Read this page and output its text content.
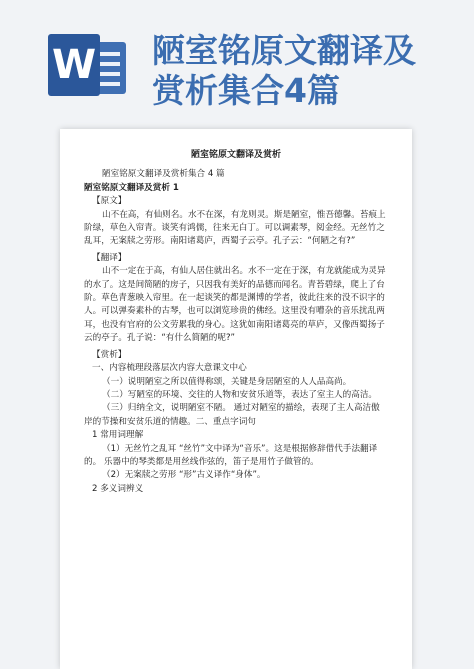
W 陋室铭原文翻译及
赏析集合4篇
陋室铭原文翻译及赏析

陋室铭原文翻译及赏析集合 4 篇

陋室铭原文翻译及赏析 1

【原文】

山不在高，有仙则名。水不在深，有龙则灵。斯是陋室，惟吾德馨。苔痕上阶绿，草色入帘青。谈笑有鸿儒，往来无白丁。可以调素琴，阅金经。无丝竹之乱耳，无案牍之劳形。南阳诸葛庐，西蜀子云亭。孔子云：“何陋之有?”

【翻译】

山不一定在于高，有仙人居住就出名。水不一定在于深，有龙就能成为灵异的水了。这是间简陋的房子，只因我有美好的品德而闻名。青苔碧绿，爬上了台阶。草色青葱映入帘里。在一起谈笑的都是渊博的学者，彼此往来的没不识字的人。可以弹奏素朴的古琴，也可以浏览珍贵的佛经。这里没有嘈杂的音乐扰乱两耳，也没有官府的公文劳累我的身心。这犹如南阳诸葛亮的草庐，又像西蜀扬子云的亭子。孔子说：“有什么简陋的呢?”

【赏析】

一、内容梳理段落层次内容大意课文中心

（一）说明陋室之所以值得称颂，关键是身居陋室的人人品高尚。

（二）写陋室的环境、交往的人物和安贫乐道等，表达了室主人的高洁。

（三）归纳全文，说明陋室不陋。 通过对陋室的描绘，表现了主人高洁傲岸的节操和安贫乐道的情趣。二、重点字词句

1 常用词理解

（1）无丝竹之乱耳 “丝竹”文中译为“音乐”。这是根据修辞借代手法翻译的。 乐器中的琴类都是用丝线作弦的，笛子是用竹子做管的。

（2）无案牍之劳形 “形”古义译作“身体”。

2 多义词辨义
